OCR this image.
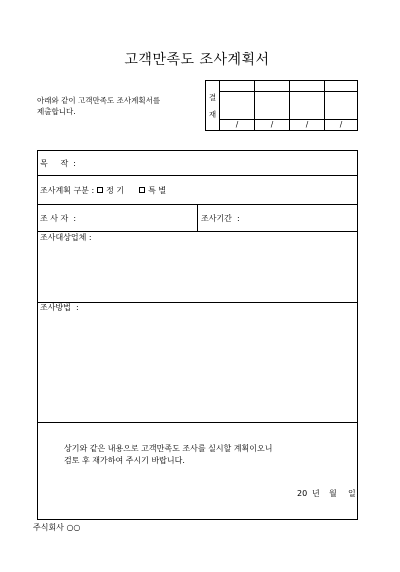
고객만족도 조사계획서
아래와 같이 고객만족도 조사계획서를
제출합니다.
결
재
/	/	/	/
목     작  :
조사계획 구분 : 정 기	특 별
조 사 자  :	조사기간  :
조사대상업체 :
조사방법  :
상기와 같은 내용으로 고객만족도 조사를 실시할 계획이오니
검토 후 재가하여 주시기 바랍니다.
20 년 월 일
주식회사 ○○
